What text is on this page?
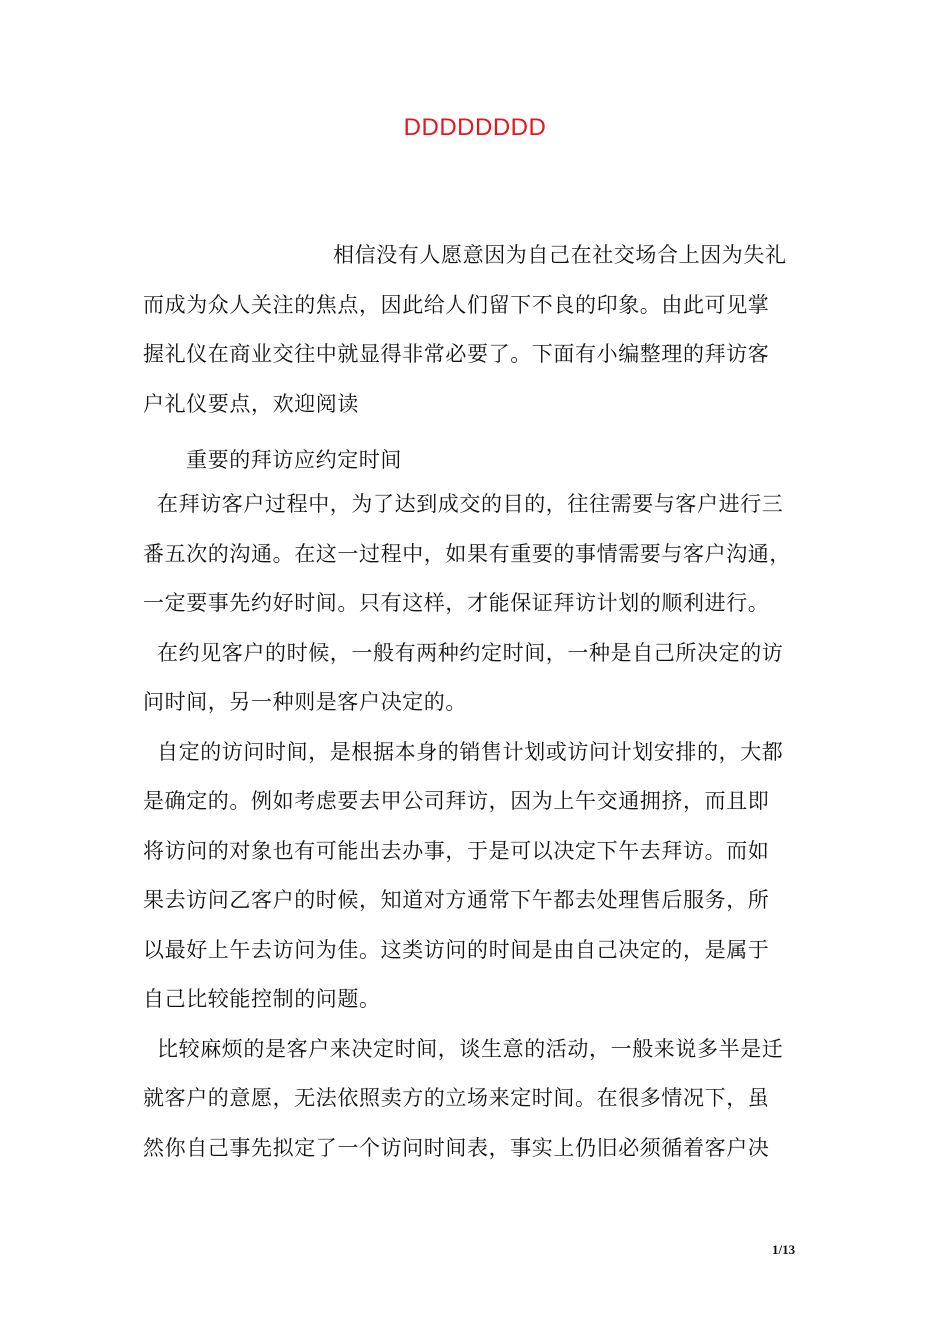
DDDDDDDD
相信没有人愿意因为自己在社交场合上因为失礼
而成为众人关注的焦点，因此给人们留下不良的印象。由此可见掌
握礼仪在商业交往中就显得非常必要了。下面有小编整理的拜访客
户礼仪要点，欢迎阅读
重要的拜访应约定时间
在拜访客户过程中，为了达到成交的目的，往往需要与客户进行三
番五次的沟通。在这一过程中，如果有重要的事情需要与客户沟通，
一定要事先约好时间。只有这样，才能保证拜访计划的顺利进行。
在约见客户的时候，一般有两种约定时间，一种是自己所决定的访
问时间，另一种则是客户决定的。
自定的访问时间，是根据本身的销售计划或访问计划安排的，大都
是确定的。例如考虑要去甲公司拜访，因为上午交通拥挤，而且即
将访问的对象也有可能出去办事，于是可以决定下午去拜访。而如
果去访问乙客户的时候，知道对方通常下午都去处理售后服务，所
以最好上午去访问为佳。这类访问的时间是由自己决定的，是属于
自己比较能控制的问题。
比较麻烦的是客户来决定时间，谈生意的活动，一般来说多半是迁
就客户的意愿，无法依照卖方的立场来定时间。在很多情况下，虽
然你自己事先拟定了一个访问时间表，事实上仍旧必须循着客户决
1/13
